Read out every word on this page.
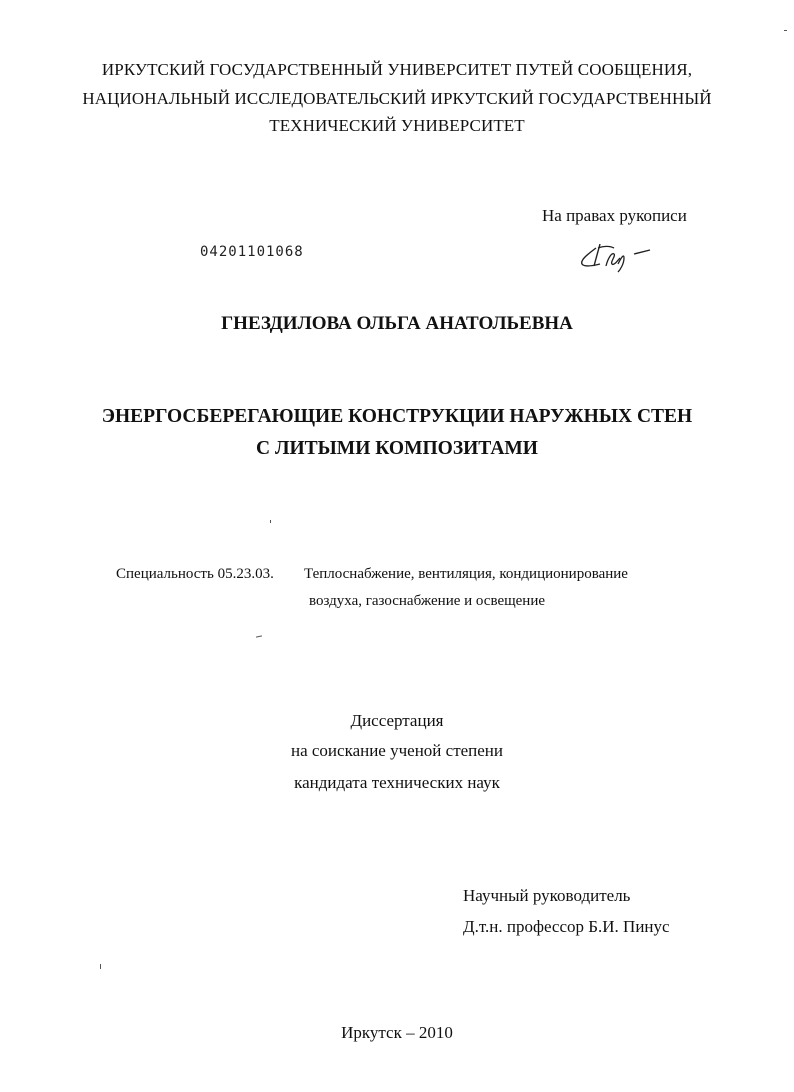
ИРКУТСКИЙ ГОСУДАРСТВЕННЫЙ УНИВЕРСИТЕТ ПУТЕЙ СООБЩЕНИЯ,
НАЦИОНАЛЬНЫЙ ИССЛЕДОВАТЕЛЬСКИЙ ИРКУТСКИЙ ГОСУДАРСТВЕННЫЙ
ТЕХНИЧЕСКИЙ УНИВЕРСИТЕТ
На правах рукописи
04201101068
ГНЕЗДИЛОВА ОЛЬГА АНАТОЛЬЕВНА
ЭНЕРГОСБЕРЕГАЮЩИЕ КОНСТРУКЦИИ НАРУЖНЫХ СТЕН
С ЛИТЫМИ КОМПОЗИТАМИ
Специальность 05.23.03. Теплоснабжение, вентиляция, кондиционирование
воздуха, газоснабжение и освещение
Диссертация
на соискание ученой степени
кандидата технических наук
Научный руководитель
Д.т.н. профессор Б.И. Пинус
Иркутск – 2010
